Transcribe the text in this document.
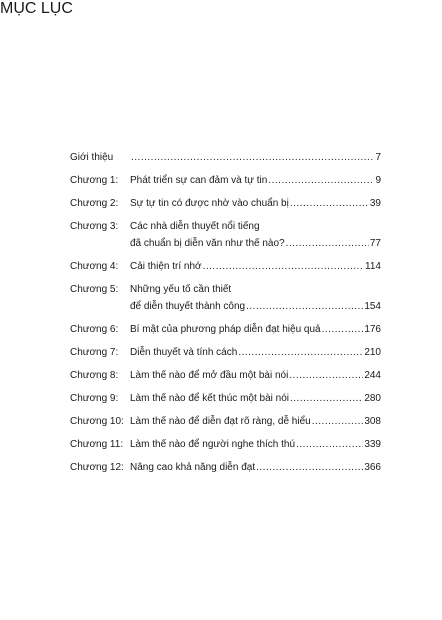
MỤC LỤC
Giới thiệu .....	7
Chương 1:	Phát triển sự can đảm và tự tin .....	9
Chương 2:	Sự tự tin có được nhờ vào chuẩn bị .....	39
Chương 3:	Các nhà diễn thuyết nổi tiếng
đã chuẩn bị diễn văn như thế nào? .....	77
Chương 4:	Cải thiện trí nhớ .....	114
Chương 5:	Những yếu tố cần thiết
để diễn thuyết thành công .....	154
Chương 6:	Bí mật của phương pháp diễn đạt hiệu quả .....	176
Chương 7:	Diễn thuyết và tính cách .....	210
Chương 8:	Làm thế nào để mở đầu một bài nói .....	244
Chương 9:	Làm thế nào để kết thúc một bài nói .....	280
Chương 10: Làm thế nào để diễn đạt rõ ràng, dễ hiểu .....	308
Chương 11: Làm thế nào để người nghe thích thú .....	339
Chương 12: Nâng cao khả năng diễn đạt .....	366
